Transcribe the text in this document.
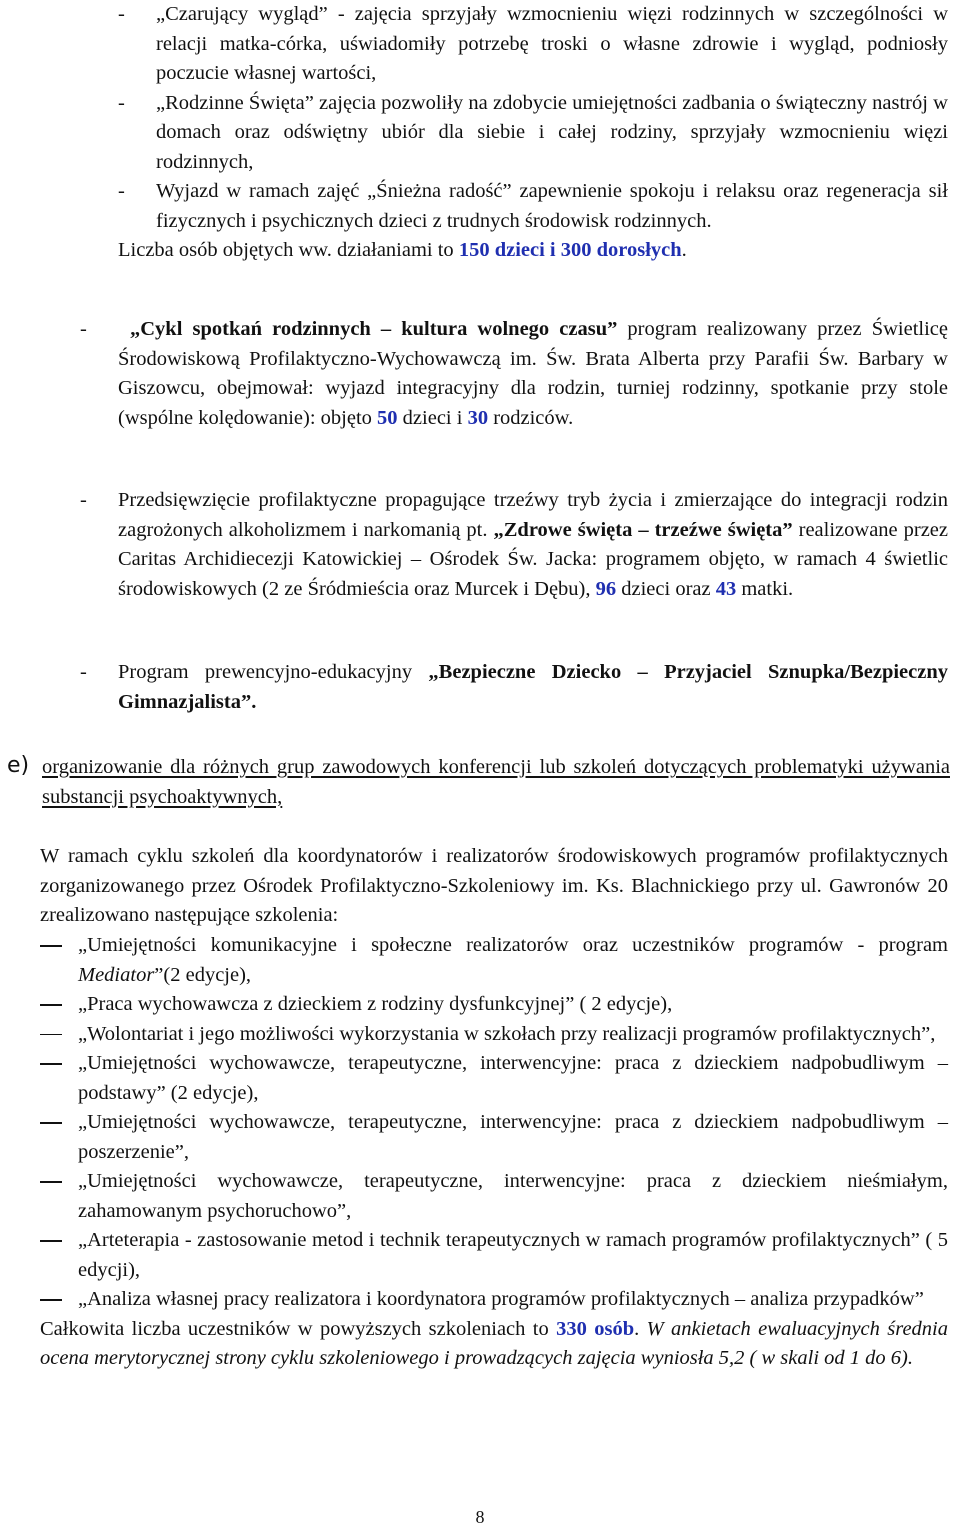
- „Czarujący wygląd” - zajęcia sprzyjały wzmocnieniu więzi rodzinnych w szczególności w relacji matka-córka, uświadomiły potrzebę troski o własne zdrowie i wygląd, podniosły poczucie własnej wartości,
- „Rodzinne Święta” zajęcia pozwoliły na zdobycie umiejętności zadbania o świąteczny nastrój w domach oraz odświętny ubiór dla siebie i całej rodziny, sprzyjały wzmocnieniu więzi rodzinnych,
- Wyjazd w ramach zajęć „Śnieżna radość” zapewnienie spokoju i relaksu oraz regeneracja sił fizycznych i psychicznych dzieci z trudnych środowisk rodzinnych.
Liczba osób objętych ww. działaniami to 150 dzieci i 300 dorosłych.
- „Cykl spotkań rodzinnych – kultura wolnego czasu” program realizowany przez Świetlicę Środowiskową Profilaktyczno-Wychowawczą im. Św. Brata Alberta przy Parafii Św. Barbary w Giszowcu, obejmował: wyjazd integracyjny dla rodzin, turniej rodzinny, spotkanie przy stole (wspólne kolędowanie): objęto 50 dzieci i 30 rodziców.
- Przedsięwzięcie profilaktyczne propagujące trzeźwy tryb życia i zmierzające do integracji rodzin zagrożonych alkoholizmem i narkomanią pt. „Zdrowe święta – trzeźwe święta” realizowane przez Caritas Archidiecezji Katowickiej – Ośrodek Św. Jacka: programem objęto, w ramach 4 świetlic środowiskowych (2 ze Śródmieścia oraz Murcek i Dębu), 96 dzieci oraz 43 matki.
- Program prewencyjno-edukacyjny „Bezpieczne Dziecko – Przyjaciel Sznupka/Bezpieczny Gimnazjalista”.
e) organizowanie dla różnych grup zawodowych konferencji lub szkoleń dotyczących problematyki używania substancji psychoaktywnych,
W ramach cyklu szkoleń dla koordynatorów i realizatorów środowiskowych programów profilaktycznych zorganizowanego przez Ośrodek Profilaktyczno-Szkoleniowy im. Ks. Blachnickiego przy ul. Gawronów 20 zrealizowano następujące szkolenia:
„Umiejętności komunikacyjne i społeczne realizatorów oraz uczestników programów - program Mediator”(2 edycje),
„Praca wychowawcza z dzieckiem z rodziny dysfunkcyjnej” ( 2 edycje),
„Wolontariat i jego możliwości wykorzystania w szkołach przy realizacji programów profilaktycznych”,
„Umiejętności wychowawcze, terapeutyczne, interwencyjne: praca z dzieckiem nadpobudliwym – podstawy” (2 edycje),
„Umiejętności wychowawcze, terapeutyczne, interwencyjne: praca z dzieckiem nadpobudliwym – poszerzenie”,
„Umiejętności wychowawcze, terapeutyczne, interwencyjne: praca z dzieckiem nieśmiałym, zahamowanym psychoruchowo”,
„Arteterapia - zastosowanie metod i technik terapeutycznych w ramach programów profilaktycznych” ( 5 edycji),
„Analiza własnej pracy realizatora i koordynatora programów profilaktycznych – analiza przypadków”
Całkowita liczba uczestników w powyższych szkoleniach to 330 osób. W ankietach ewaluacyjnych średnia ocena merytorycznej strony cyklu szkoleniowego i prowadzących zajęcia wyniosła 5,2 ( w skali od 1 do 6).
8
